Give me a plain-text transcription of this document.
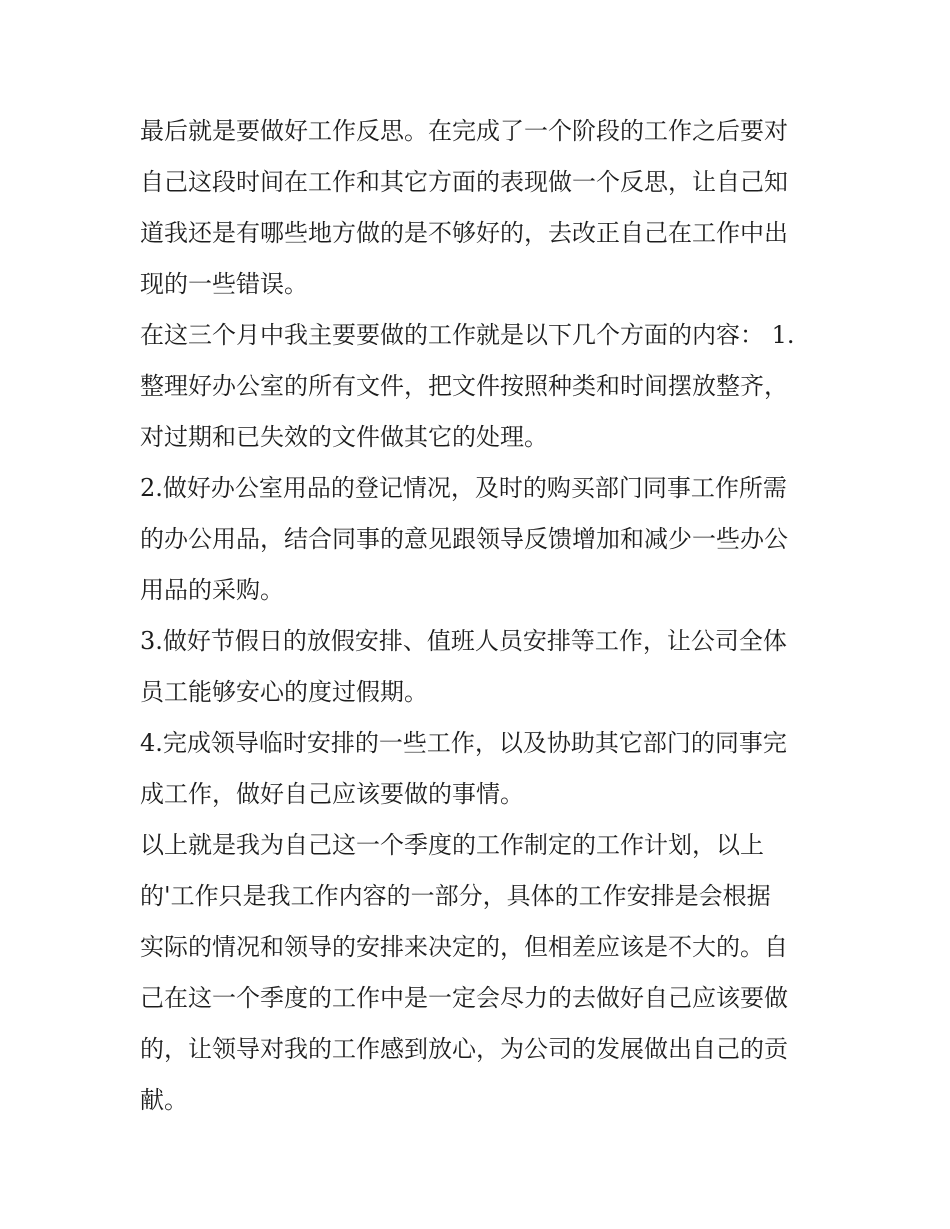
最后就是要做好工作反思。在完成了一个阶段的工作之后要对
自己这段时间在工作和其它方面的表现做一个反思，让自己知
道我还是有哪些地方做的是不够好的，去改正自己在工作中出
现的一些错误。
在这三个月中我主要要做的工作就是以下几个方面的内容： 1.
整理好办公室的所有文件，把文件按照种类和时间摆放整齐，
对过期和已失效的文件做其它的处理。
2.做好办公室用品的登记情况，及时的购买部门同事工作所需
的办公用品，结合同事的意见跟领导反馈增加和减少一些办公
用品的采购。
3.做好节假日的放假安排、值班人员安排等工作，让公司全体
员工能够安心的度过假期。
4.完成领导临时安排的一些工作，以及协助其它部门的同事完
成工作，做好自己应该要做的事情。
以上就是我为自己这一个季度的工作制定的工作计划，以上
的'工作只是我工作内容的一部分，具体的工作安排是会根据
实际的情况和领导的安排来决定的，但相差应该是不大的。自
己在这一个季度的工作中是一定会尽力的去做好自己应该要做
的，让领导对我的工作感到放心，为公司的发展做出自己的贡
献。
